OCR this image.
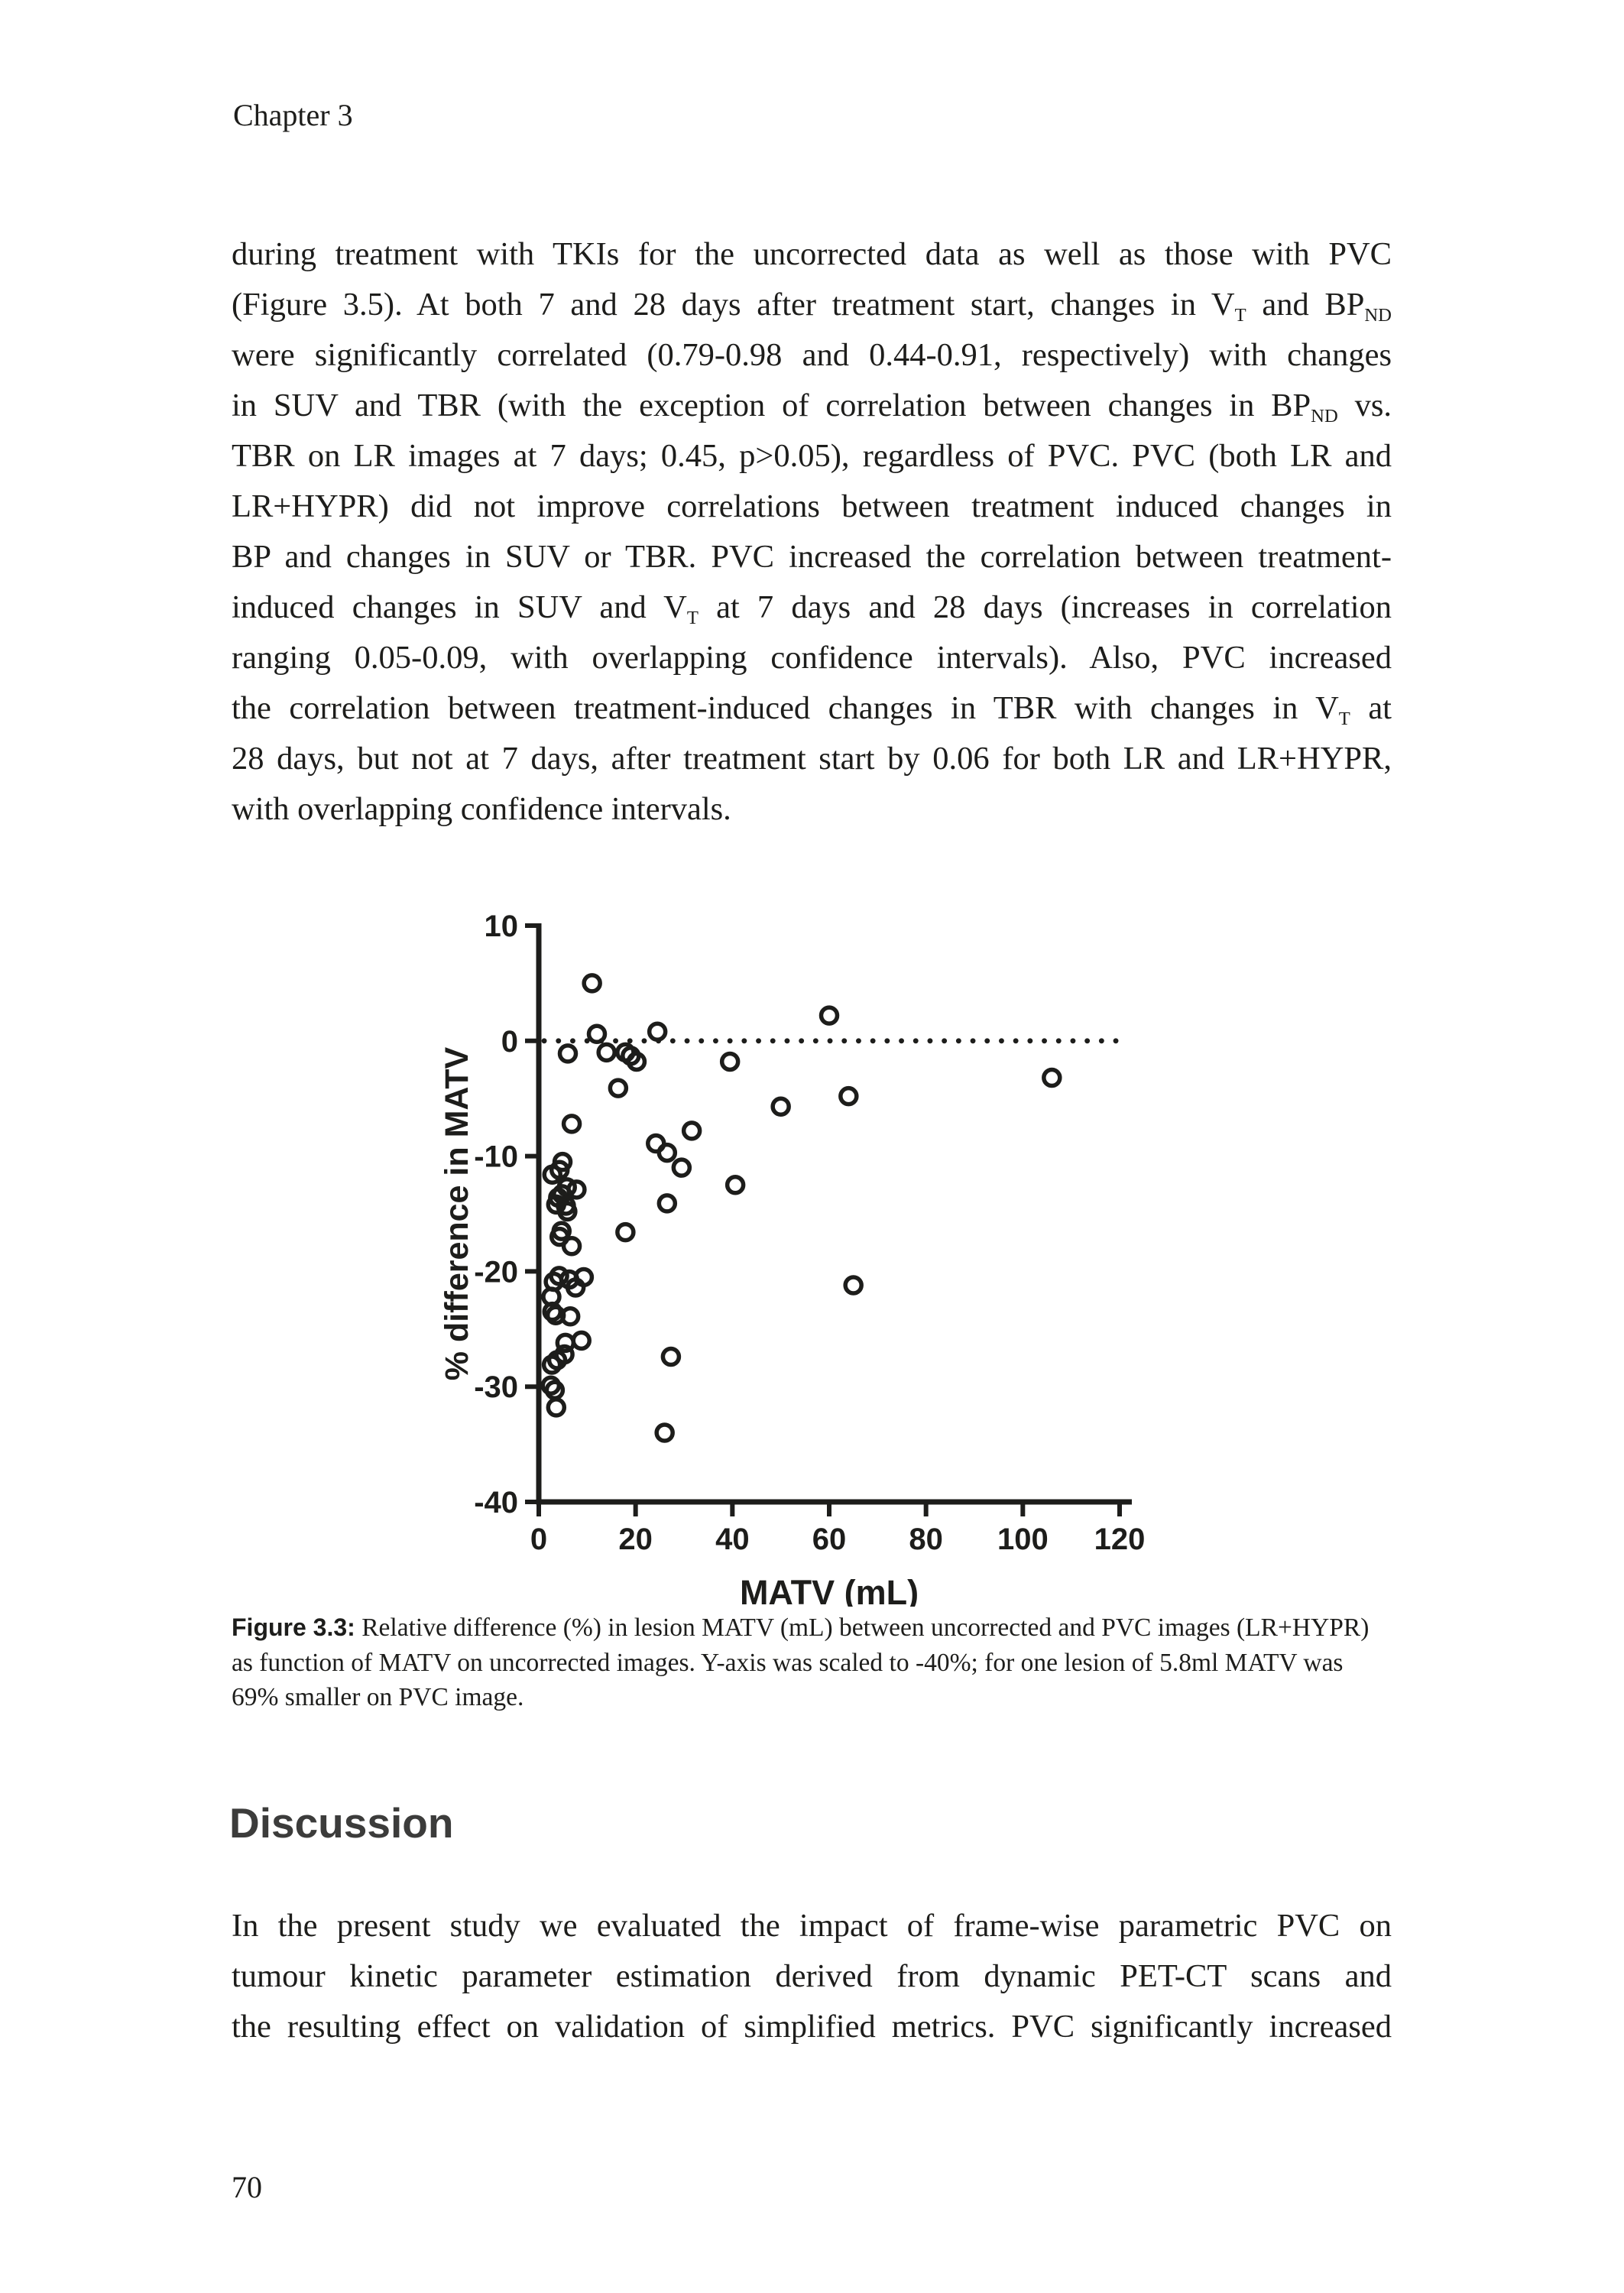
Chapter 3
during treatment with TKIs for the uncorrected data as well as those with PVC
(Figure 3.5). At both 7 and 28 days after treatment start, changes in $V_T$ and $BP_{ND}$
were significantly correlated (0.79-0.98 and 0.44-0.91, respectively) with changes
in SUV and TBR (with the exception of correlation between changes in $BP_{ND}$ vs.
TBR on LR images at 7 days; 0.45, p>0.05), regardless of PVC. PVC (both LR and
LR+HYPR) did not improve correlations between treatment induced changes in
BP and changes in SUV or TBR. PVC increased the correlation between treatment-
induced changes in SUV and $V_T$ at 7 days and 28 days (increases in correlation
ranging 0.05-0.09, with overlapping confidence intervals). Also, PVC increased
the correlation between treatment-induced changes in TBR with changes in $V_T$ at
28 days, but not at 7 days, after treatment start by 0.06 for both LR and LR+HYPR,
with overlapping confidence intervals.
10
0
-10
-20
-30
-40
0 20 40 60 80 100 120
MATV (mL)
% difference in MATV
Figure 3.3: Relative difference (%) in lesion MATV (mL) between uncorrected and PVC images (LR+HYPR)
as function of MATV on uncorrected images. Y-axis was scaled to -40%; for one lesion of 5.8ml MATV was
69% smaller on PVC image.
Discussion
In the present study we evaluated the impact of frame-wise parametric PVC on
tumour kinetic parameter estimation derived from dynamic PET-CT scans and
the resulting effect on validation of simplified metrics. PVC significantly increased
70
